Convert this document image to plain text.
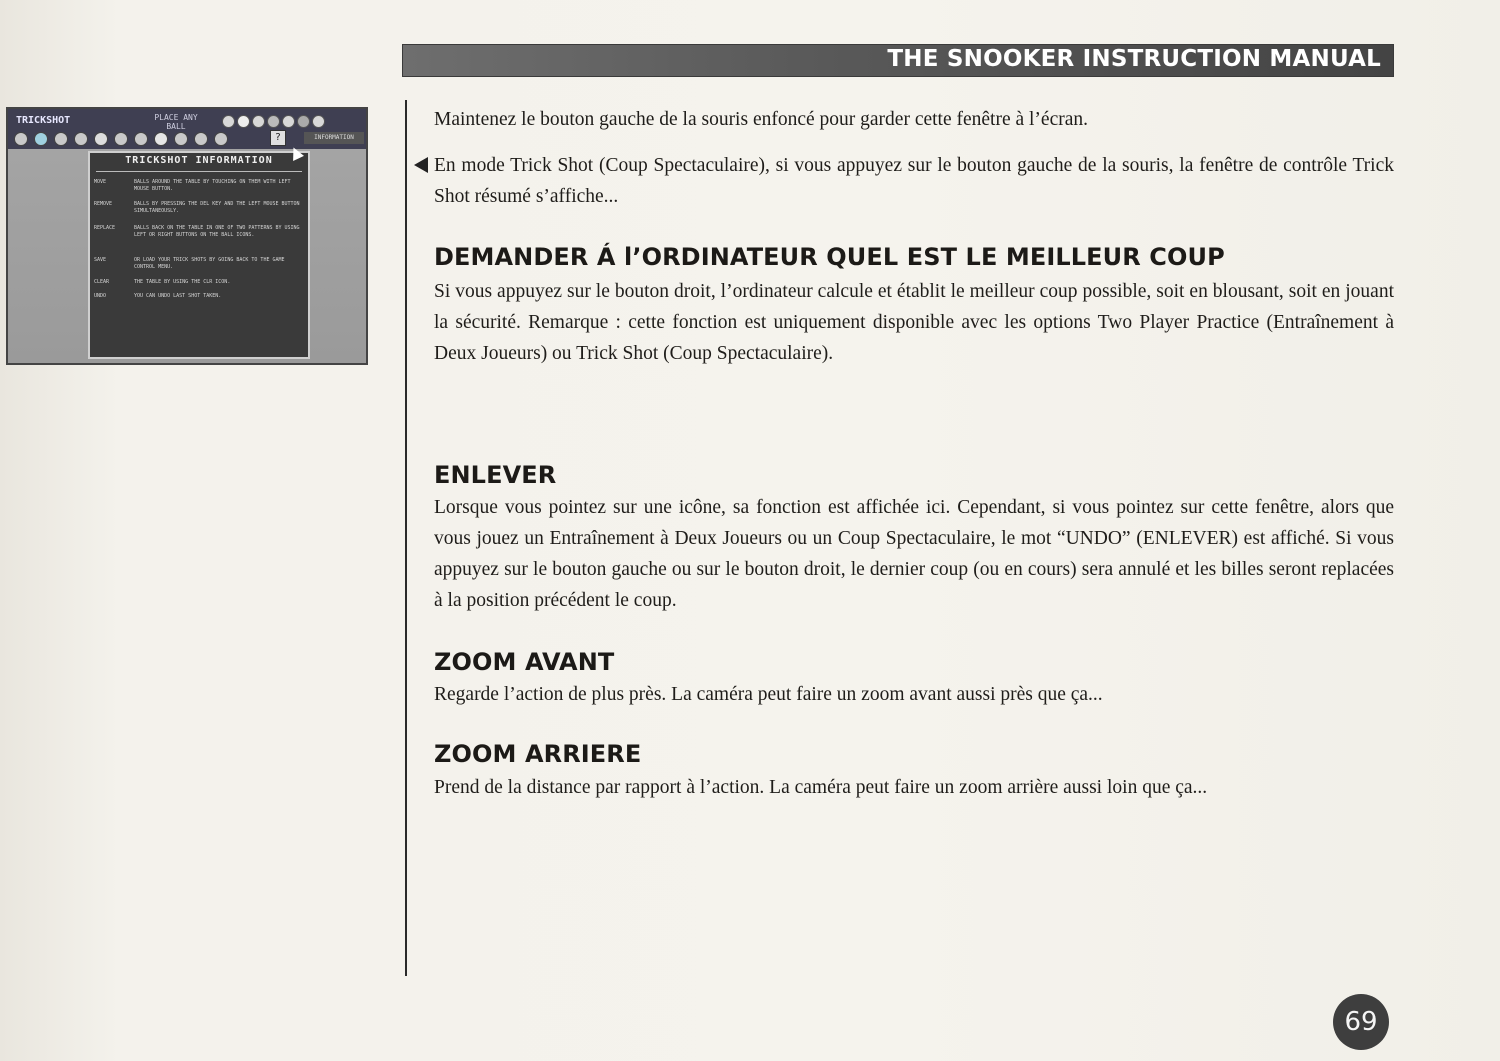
THE SNOOKER INSTRUCTION MANUAL
TRICKSHOT	PLACE ANY BALL
?	INFORMATION
TRICKSHOT INFORMATION
MOVE	BALLS AROUND THE TABLE BY TOUCHING ON THEM WITH LEFT MOUSE BUTTON.
REMOVE	BALLS BY PRESSING THE DEL KEY AND THE LEFT MOUSE BUTTON SIMULTANEOUSLY.
REPLACE	BALLS BACK ON THE TABLE IN ONE OF TWO PATTERNS BY USING LEFT OR RIGHT BUTTONS ON THE BALL ICONS.
SAVE	OR LOAD YOUR TRICK SHOTS BY GOING BACK TO THE GAME CONTROL MENU.
CLEAR	THE TABLE BY USING THE CLR ICON.
UNDO	YOU CAN UNDO LAST SHOT TAKEN.
Maintenez le bouton gauche de la souris enfoncé pour garder cette fenêtre à l’écran.
En mode Trick Shot (Coup Spectaculaire), si vous appuyez sur le bouton gauche de la souris, la fenêtre de contrôle Trick Shot résumé s’affiche...
DEMANDER Á l’ORDINATEUR QUEL EST LE MEILLEUR COUP
Si vous appuyez sur le bouton droit, l’ordinateur calcule et établit le meilleur coup possible, soit en blousant, soit en jouant la sécurité. Remarque : cette fonction est uniquement disponible avec les options Two Player Practice (Entraînement à Deux Joueurs) ou Trick Shot (Coup Spectaculaire).
ENLEVER
Lorsque vous pointez sur une icône, sa fonction est affichée ici. Cependant, si vous pointez sur cette fenêtre, alors que vous jouez un Entraînement à Deux Joueurs ou un Coup Spectaculaire, le mot “UNDO” (ENLEVER) est affiché. Si vous appuyez sur le bouton gauche ou sur le bouton droit, le dernier coup (ou en cours) sera annulé et les billes seront replacées à la position précédent le coup.
ZOOM AVANT
Regarde l’action de plus près. La caméra peut faire un zoom avant aussi près que ça...
ZOOM ARRIERE
Prend de la distance par rapport à l’action. La caméra peut faire un zoom arrière aussi loin que ça...
69
